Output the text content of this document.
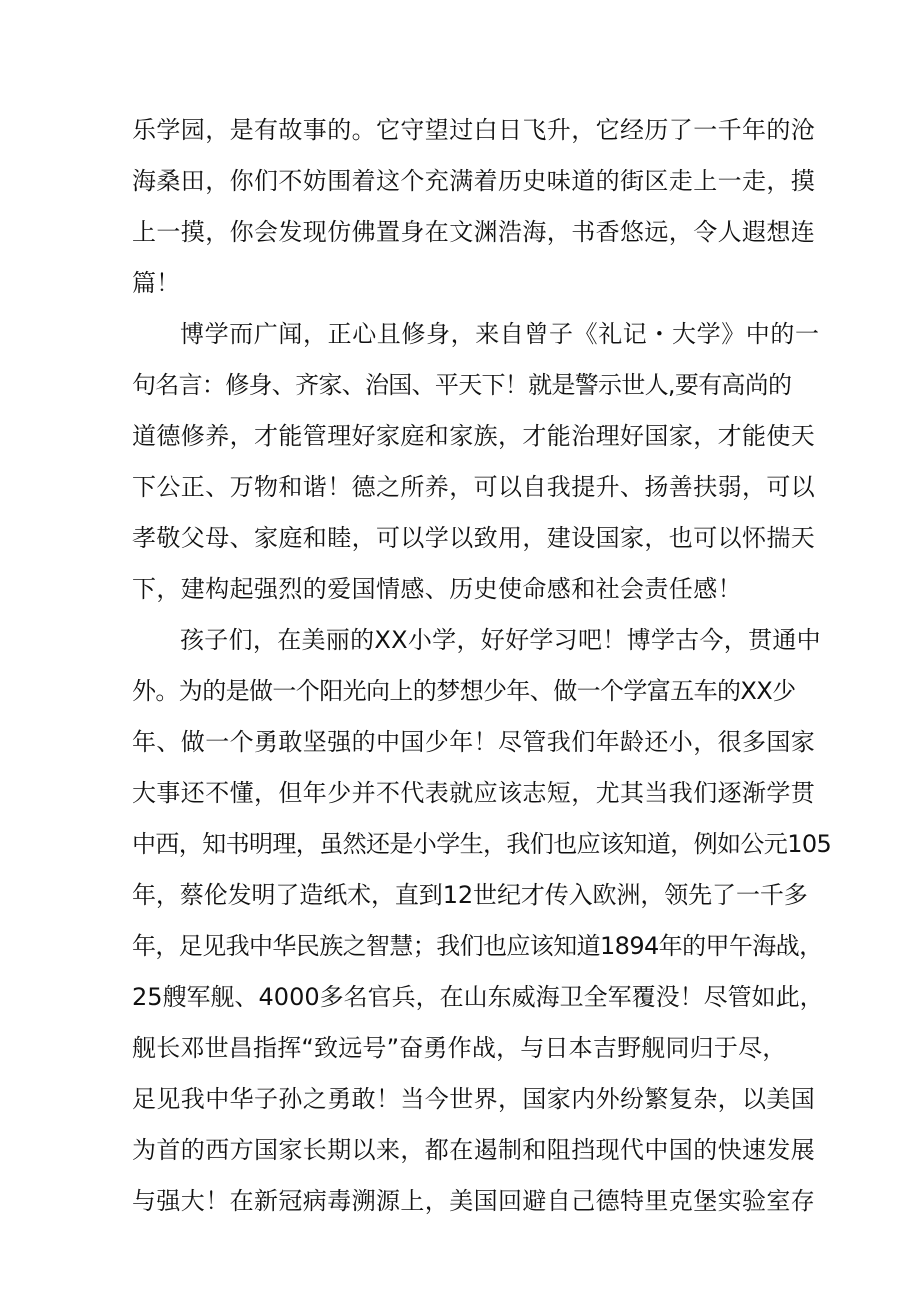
乐学园，是有故事的。它守望过白日飞升，它经历了一千年的沧
海桑田，你们不妨围着这个充满着历史味道的街区走上一走，摸
上一摸，你会发现仿佛置身在文渊浩海，书香悠远，令人遐想连
篇！
博学而广闻，正心且修身，来自曾子《礼记・大学》中的一
句名言：修身、齐家、治国、平天下！就是警示世人,要有高尚的
道德修养，才能管理好家庭和家族，才能治理好国家，才能使天
下公正、万物和谐！德之所养，可以自我提升、扬善扶弱，可以
孝敬父母、家庭和睦，可以学以致用，建设国家，也可以怀揣天
下，建构起强烈的爱国情感、历史使命感和社会责任感！
孩子们，在美丽的XX小学，好好学习吧！博学古今，贯通中
外。为的是做一个阳光向上的梦想少年、做一个学富五车的XX少
年、做一个勇敢坚强的中国少年！尽管我们年龄还小，很多国家
大事还不懂，但年少并不代表就应该志短，尤其当我们逐渐学贯
中西，知书明理，虽然还是小学生，我们也应该知道，例如公元105
年，蔡伦发明了造纸术，直到12世纪才传入欧洲，领先了一千多
年，足见我中华民族之智慧；我们也应该知道1894年的甲午海战，
25艘军舰、4000多名官兵，在山东威海卫全军覆没！尽管如此，
舰长邓世昌指挥“致远号”奋勇作战，与日本吉野舰同归于尽，
足见我中华子孙之勇敢！当今世界，国家内外纷繁复杂，以美国
为首的西方国家长期以来，都在遏制和阻挡现代中国的快速发展
与强大！在新冠病毒溯源上，美国回避自己德特里克堡实验室存
